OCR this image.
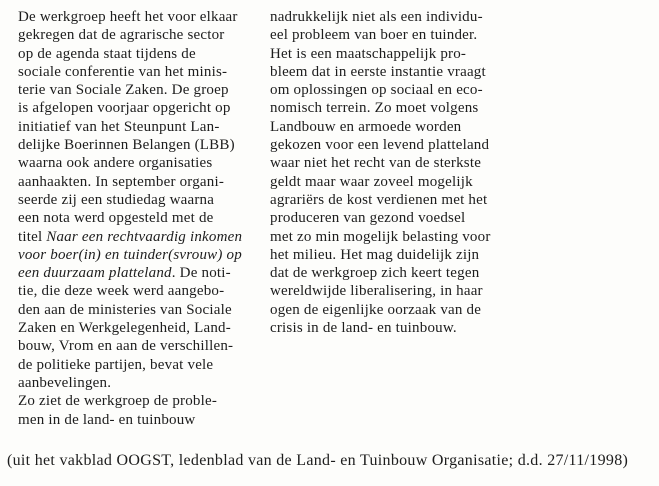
De werkgroep heeft het voor elkaar
gekregen dat de agrarische sector
op de agenda staat tijdens de
sociale conferentie van het minis-
terie van Sociale Zaken. De groep
is afgelopen voorjaar opgericht op
initiatief van het Steunpunt Lan-
delijke Boerinnen Belangen (LBB)
waarna ook andere organisaties
aanhaakten. In september organi-
seerde zij een studiedag waarna
een nota werd opgesteld met de
titel Naar een rechtvaardig inkomen
voor boer(in) en tuinder(svrouw) op
een duurzaam platteland. De noti-
tie, die deze week werd aangebo-
den aan de ministeries van Sociale
Zaken en Werkgelegenheid, Land-
bouw, Vrom en aan de verschillen-
de politieke partijen, bevat vele
aanbevelingen.
Zo ziet de werkgroep de proble-
men in de land- en tuinbouw
nadrukkelijk niet als een individu-
eel probleem van boer en tuinder.
Het is een maatschappelijk pro-
bleem dat in eerste instantie vraagt
om oplossingen op sociaal en eco-
nomisch terrein. Zo moet volgens
Landbouw en armoede worden
gekozen voor een levend platteland
waar niet het recht van de sterkste
geldt maar waar zoveel mogelijk
agrariërs de kost verdienen met het
produceren van gezond voedsel
met zo min mogelijk belasting voor
het milieu. Het mag duidelijk zijn
dat de werkgroep zich keert tegen
wereldwijde liberalisering, in haar
ogen de eigenlijke oorzaak van de
crisis in de land- en tuinbouw.
(uit het vakblad OOGST, ledenblad van de Land- en Tuinbouw Organisatie; d.d. 27/11/1998)
